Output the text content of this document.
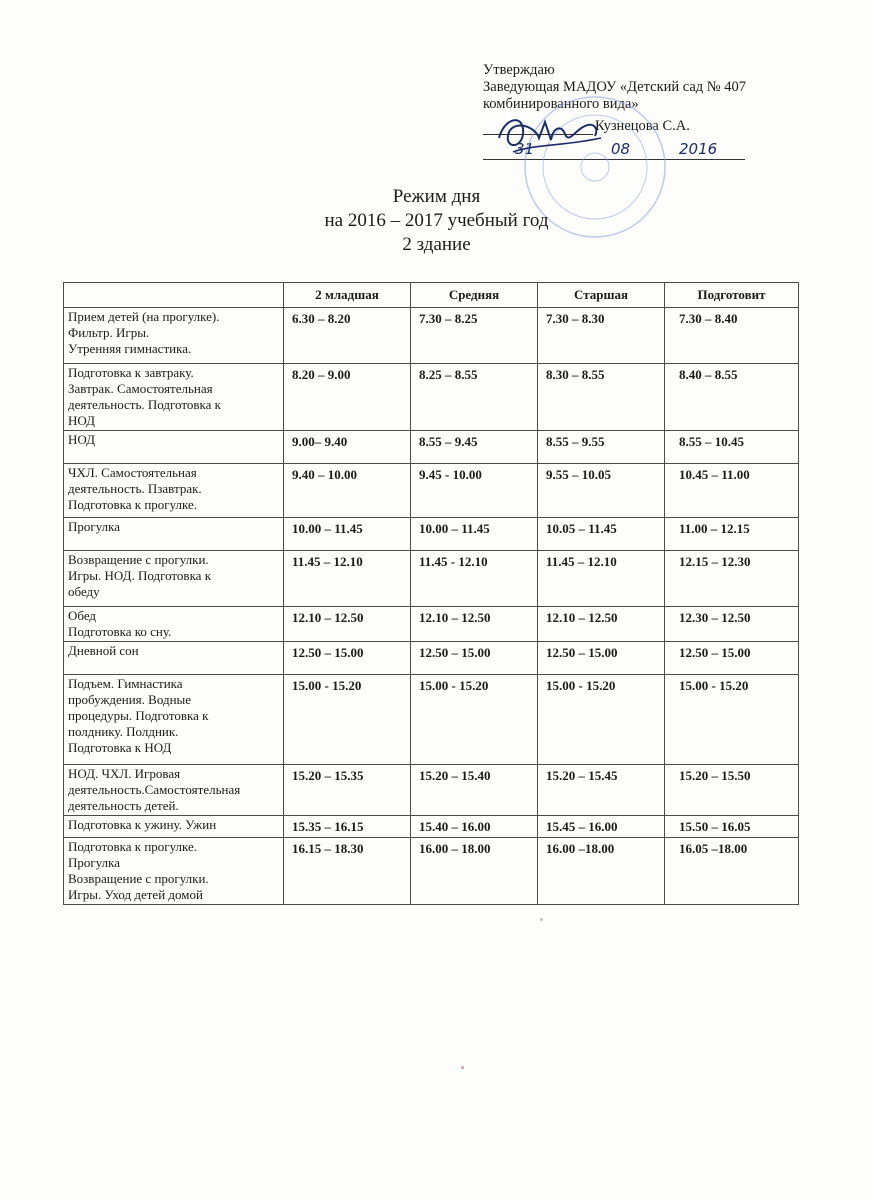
Утверждаю
Заведующая МАДОУ «Детский сад № 407
комбинированного вида»
Кузнецова С.А.
31	08	2016
Режим дня
на 2016 – 2017 учебный год
2 здание
	2 младшая	Средняя	Старшая	Подготовит

Прием детей (на прогулке).
Фильтр. Игры.
Утренняя гимнастика.	6.30 – 8.20	7.30 – 8.25	7.30 – 8.30	7.30 – 8.40

Подготовка к завтраку.
Завтрак. Самостоятельная
деятельность. Подготовка к
НОД	8.20 – 9.00	8.25 – 8.55	8.30 – 8.55	8.40 – 8.55

НОД	9.00– 9.40	8.55 – 9.45	8.55 – 9.55	8.55 – 10.45

ЧХЛ. Самостоятельная
деятельность. Пзавтрак.
Подготовка к прогулке.	9.40 – 10.00	9.45 - 10.00	9.55 – 10.05	10.45 – 11.00

Прогулка	10.00 – 11.45	10.00 – 11.45	10.05 – 11.45	11.00 – 12.15

Возвращение с прогулки.
Игры. НОД. Подготовка к
обеду	11.45 – 12.10	11.45 - 12.10	11.45 – 12.10	12.15 – 12.30

Обед
Подготовка ко сну.	12.10 – 12.50	12.10 – 12.50	12.10 – 12.50	12.30 – 12.50

Дневной сон	12.50 – 15.00	12.50 – 15.00	12.50 – 15.00	12.50 – 15.00

Подъем. Гимнастика
пробуждения. Водные
процедуры. Подготовка к
полднику. Полдник.
Подготовка к НОД	15.00 - 15.20	15.00 - 15.20	15.00 - 15.20	15.00 - 15.20

НОД. ЧХЛ. Игровая
деятельность.Самостоятельная
деятельность детей.	15.20 – 15.35	15.20 – 15.40	15.20 – 15.45	15.20 – 15.50

Подготовка к ужину. Ужин	15.35 – 16.15	15.40 – 16.00	15.45 – 16.00	15.50 – 16.05

Подготовка к прогулке.
Прогулка
Возвращение с прогулки.
Игры. Уход детей домой	16.15 – 18.30	16.00 – 18.00	16.00 –18.00	16.05 –18.00
